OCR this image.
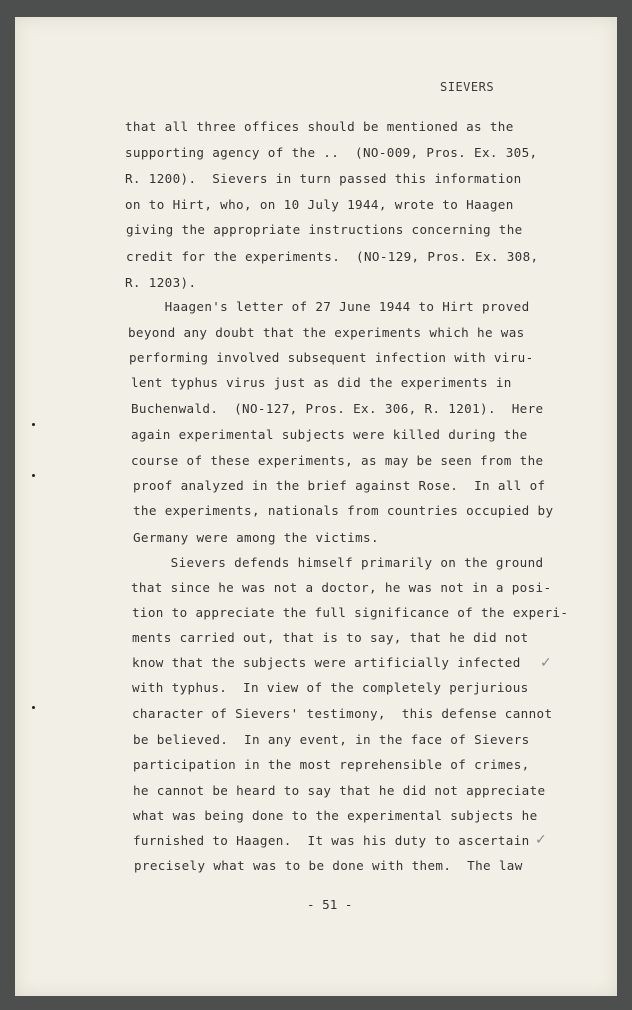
SIEVERS
that all three offices should be mentioned as the
supporting agency of the ..  (NO-009, Pros. Ex. 305,
R. 1200).  Sievers in turn passed this information
on to Hirt, who, on 10 July 1944, wrote to Haagen
giving the appropriate instructions concerning the
credit for the experiments.  (NO-129, Pros. Ex. 308,
R. 1203).
Haagen's letter of 27 June 1944 to Hirt proved
beyond any doubt that the experiments which he was
performing involved subsequent infection with viru-
lent typhus virus just as did the experiments in
Buchenwald.  (NO-127, Pros. Ex. 306, R. 1201).  Here
again experimental subjects were killed during the
course of these experiments, as may be seen from the
proof analyzed in the brief against Rose.  In all of
the experiments, nationals from countries occupied by
Germany were among the victims.
Sievers defends himself primarily on the ground
that since he was not a doctor, he was not in a posi-
tion to appreciate the full significance of the experi-
ments carried out, that is to say, that he did not
know that the subjects were artificially infected
with typhus.  In view of the completely perjurious
character of Sievers' testimony,  this defense cannot
be believed.  In any event, in the face of Sievers
participation in the most reprehensible of crimes,
he cannot be heard to say that he did not appreciate
what was being done to the experimental subjects he
furnished to Haagen.  It was his duty to ascertain
precisely what was to be done with them.  The law
- 51 -
✓
✓
